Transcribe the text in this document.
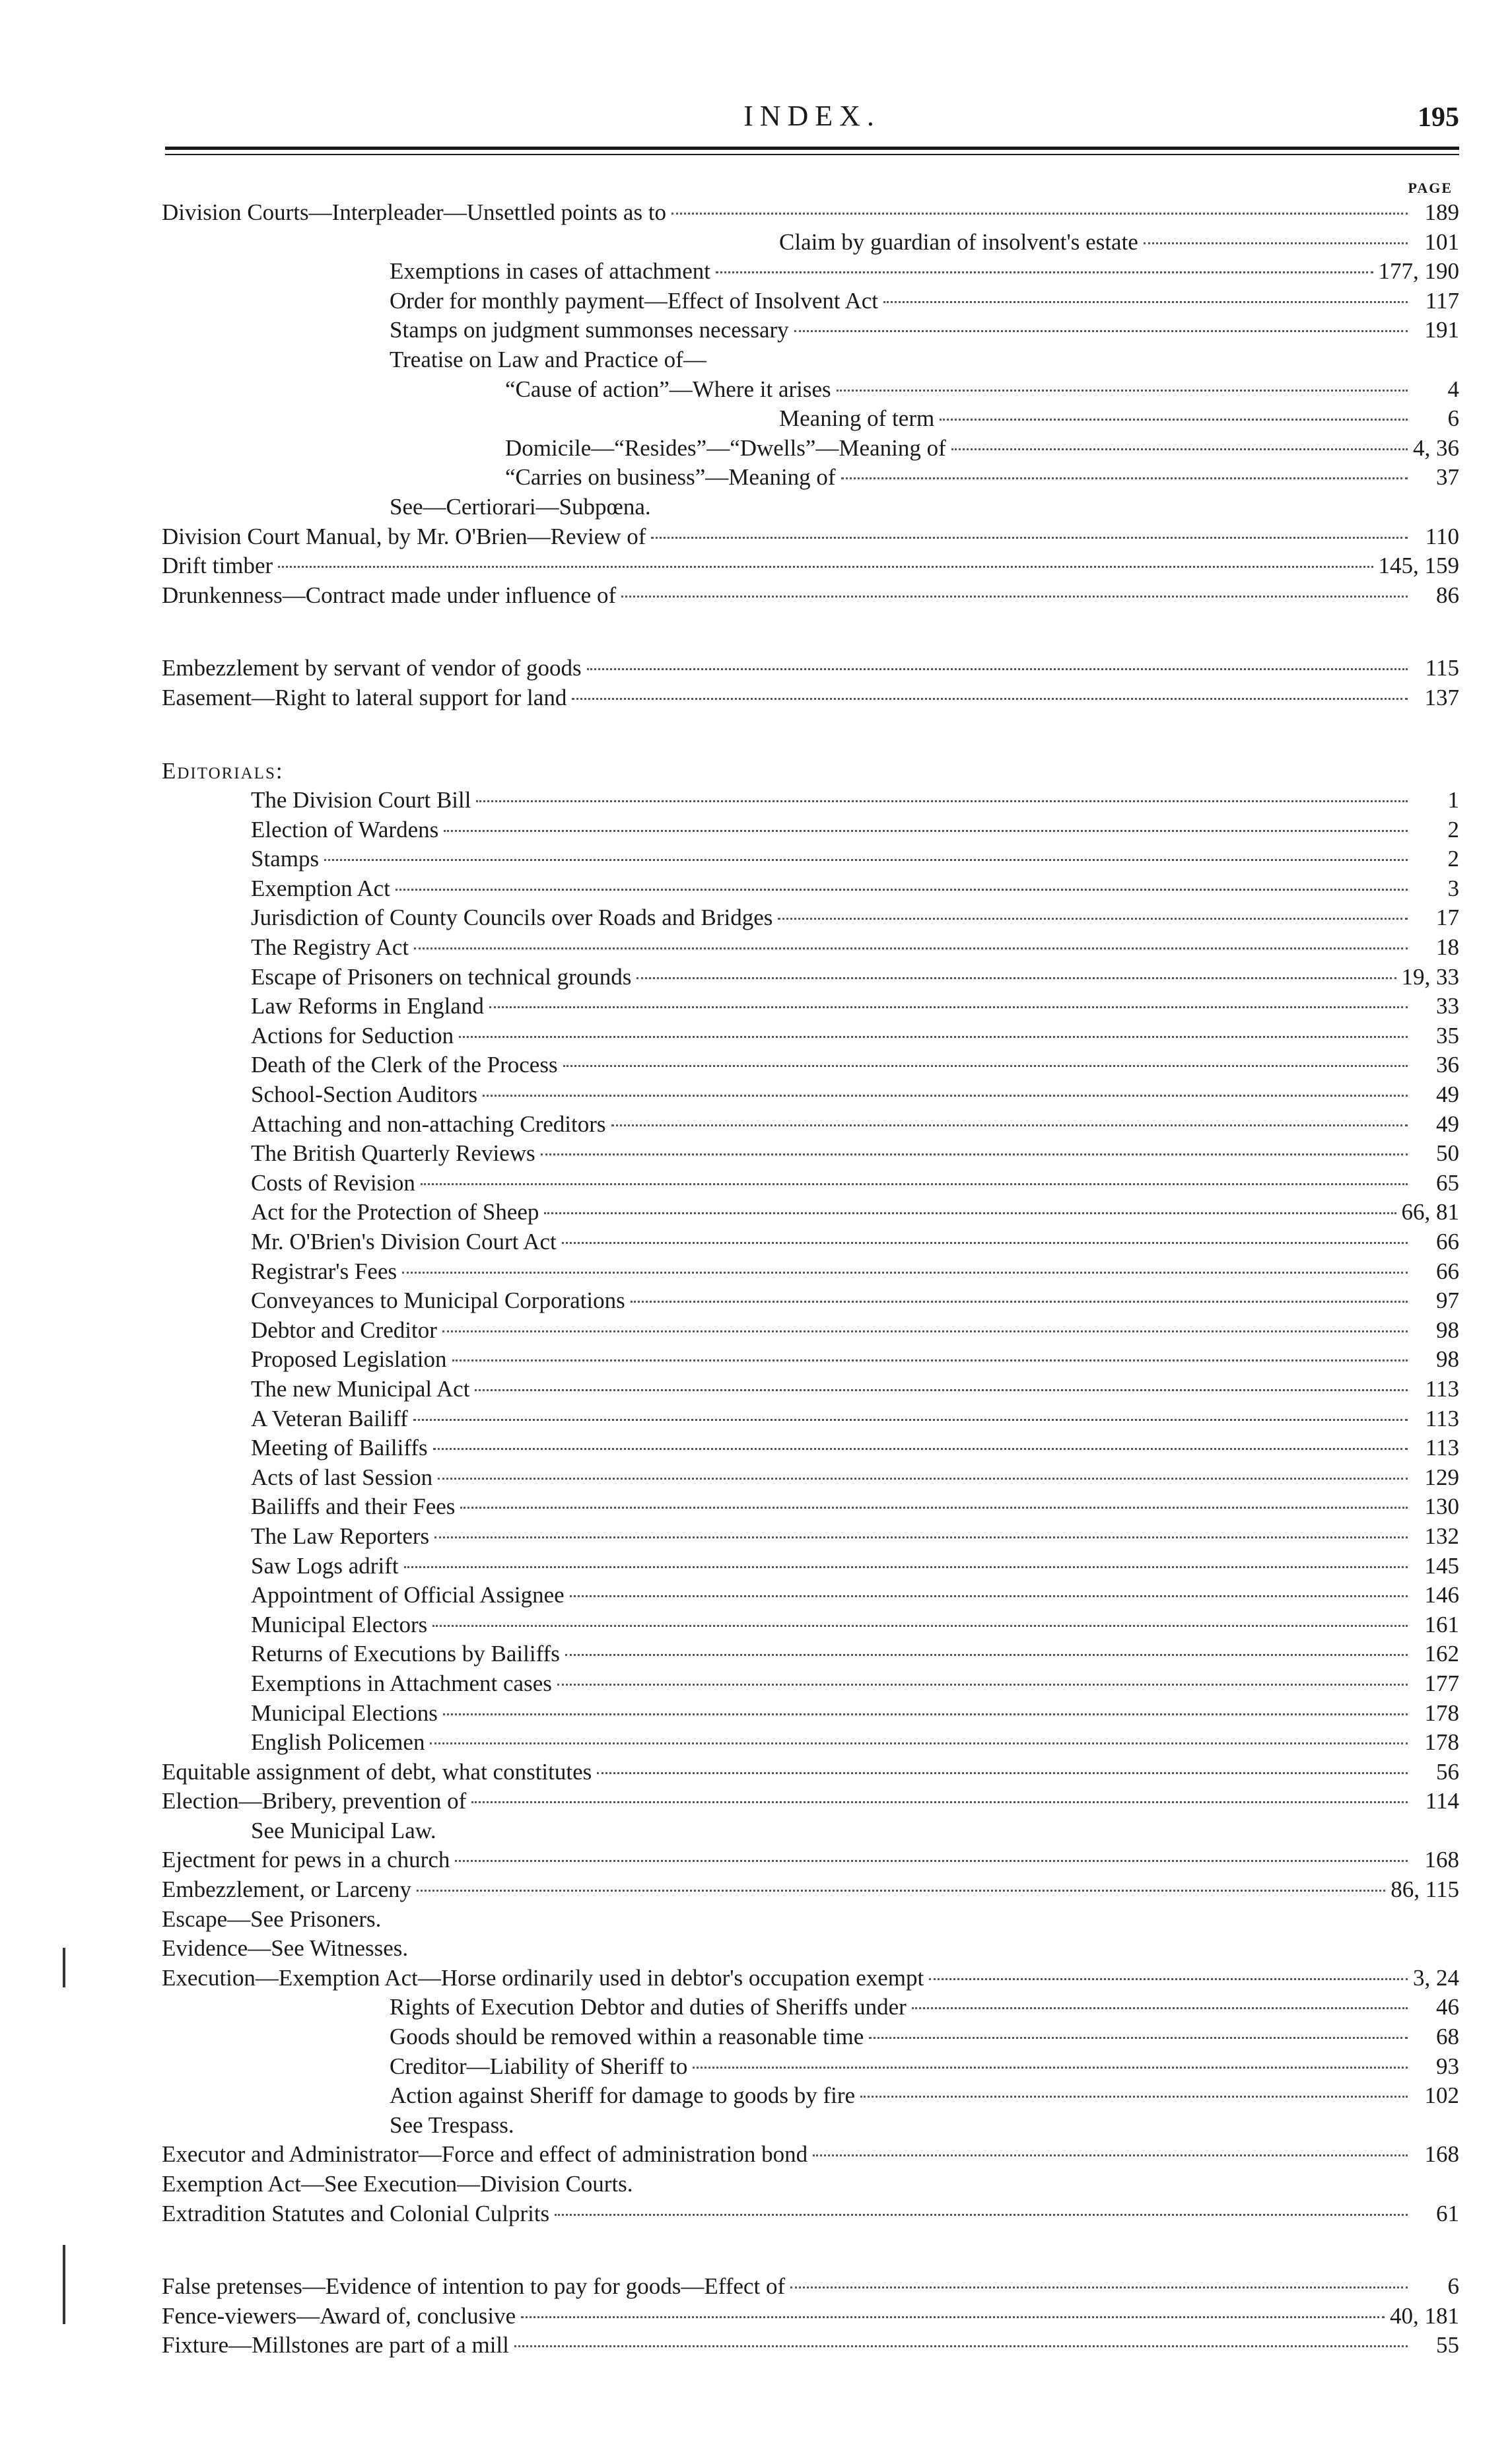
INDEX.	195
PAGE
Division Courts—Interpleader—Unsettled points as to	189
Claim by guardian of insolvent's estate	101
Exemptions in cases of attachment	177, 190
Order for monthly payment—Effect of Insolvent Act	117
Stamps on judgment summonses necessary	191
Treatise on Law and Practice of—
“Cause of action”—Where it arises	4
Meaning of term	6
Domicile—“Resides”—“Dwells”—Meaning of	4, 36
“Carries on business”—Meaning of	37
See—Certiorari—Subpœna.
Division Court Manual, by Mr. O'Brien—Review of	110
Drift timber	145, 159
Drunkenness—Contract made under influence of	86
Embezzlement by servant of vendor of goods	115
Easement—Right to lateral support for land	137
Editorials:
The Division Court Bill	1
Election of Wardens	2
Stamps	2
Exemption Act	3
Jurisdiction of County Councils over Roads and Bridges	17
The Registry Act	18
Escape of Prisoners on technical grounds	19, 33
Law Reforms in England	33
Actions for Seduction	35
Death of the Clerk of the Process	36
School-Section Auditors	49
Attaching and non-attaching Creditors	49
The British Quarterly Reviews	50
Costs of Revision	65
Act for the Protection of Sheep	66, 81
Mr. O'Brien's Division Court Act	66
Registrar's Fees	66
Conveyances to Municipal Corporations	97
Debtor and Creditor	98
Proposed Legislation	98
The new Municipal Act	113
A Veteran Bailiff	113
Meeting of Bailiffs	113
Acts of last Session	129
Bailiffs and their Fees	130
The Law Reporters	132
Saw Logs adrift	145
Appointment of Official Assignee	146
Municipal Electors	161
Returns of Executions by Bailiffs	162
Exemptions in Attachment cases	177
Municipal Elections	178
English Policemen	178
Equitable assignment of debt, what constitutes	56
Election—Bribery, prevention of	114
See Municipal Law.
Ejectment for pews in a church	168
Embezzlement, or Larceny	86, 115
Escape—See Prisoners.
Evidence—See Witnesses.
Execution—Exemption Act—Horse ordinarily used in debtor's occupation exempt	3, 24
Rights of Execution Debtor and duties of Sheriffs under	46
Goods should be removed within a reasonable time	68
Creditor—Liability of Sheriff to	93
Action against Sheriff for damage to goods by fire	102
See Trespass.
Executor and Administrator—Force and effect of administration bond	168
Exemption Act—See Execution—Division Courts.
Extradition Statutes and Colonial Culprits	61
False pretenses—Evidence of intention to pay for goods—Effect of	6
Fence-viewers—Award of, conclusive	40, 181
Fixture—Millstones are part of a mill	55
